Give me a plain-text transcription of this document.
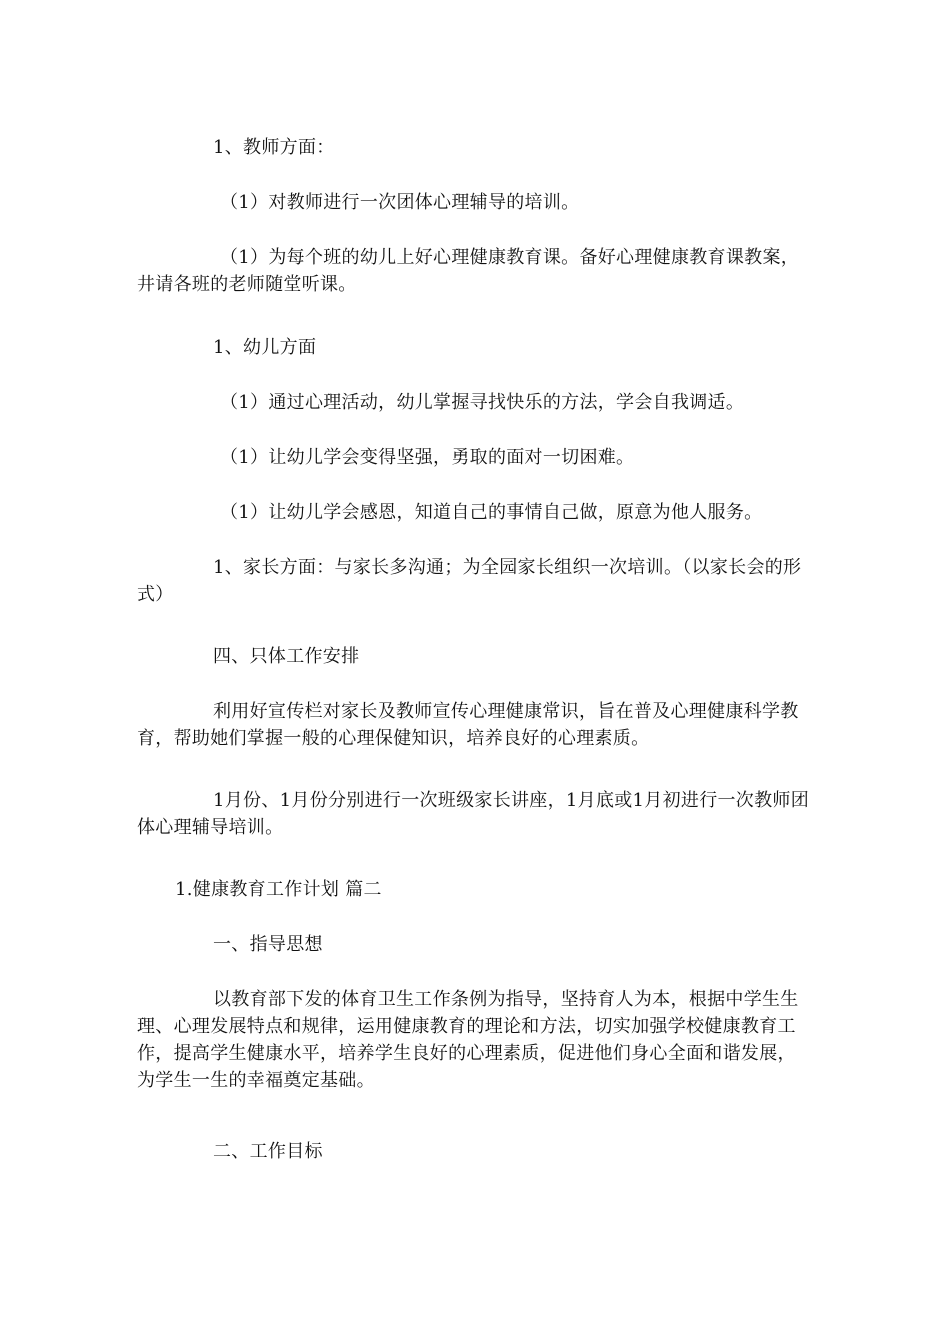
1、教师方面：

（1）对教师进行一次团体心理辅导的培训。

（1）为每个班的幼儿上好心理健康教育课。备好心理健康教育课教案，井请各班的老师随堂听课。

1、幼儿方面

（1）通过心理活动，幼儿掌握寻找快乐的方法，学会自我调适。

（1）让幼儿学会变得坚强，勇取的面对一切困难。

（1）让幼儿学会感恩，知道自己的事情自己做，原意为他人服务。

1、家长方面：与家长多沟通；为全园家长组织一次培训。（以家长会的形式）

四、只体工作安排

利用好宣传栏对家长及教师宣传心理健康常识，旨在普及心理健康科学教育，帮助她们掌握一般的心理保健知识，培养良好的心理素质。

1月份、1月份分别进行一次班级家长讲座，1月底或1月初进行一次教师团体心理辅导培训。

1.健康教育工作计划 篇二

一、指导思想

以教育部下发的体育卫生工作条例为指导，坚持育人为本，根据中学生生理、心理发展特点和规律，运用健康教育的理论和方法，切实加强学校健康教育工作，提高学生健康水平，培养学生良好的心理素质，促进他们身心全面和谐发展，为学生一生的幸福奠定基础。

二、工作目标
